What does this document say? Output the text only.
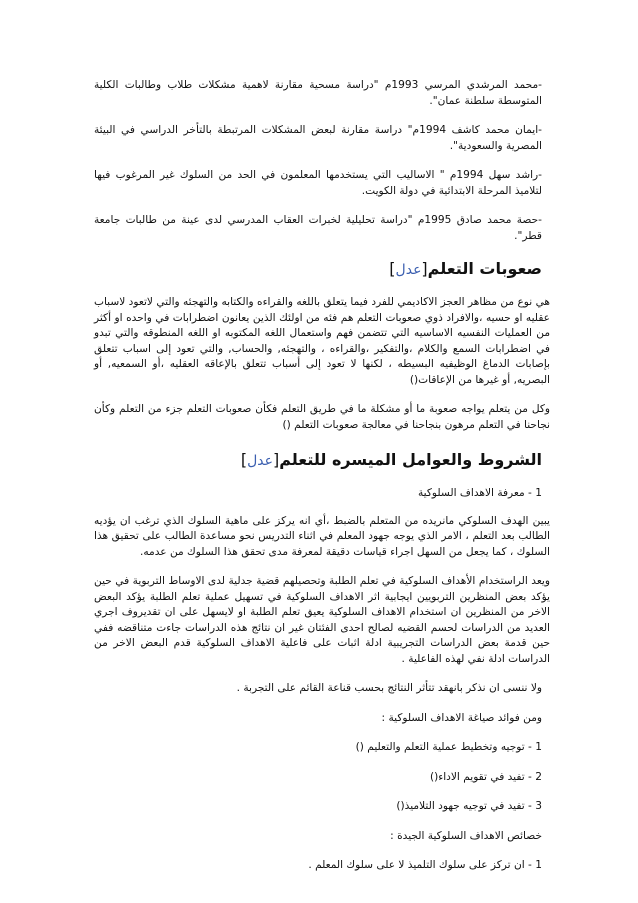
-محمد المرشدي المرسي 1993م "دراسة مسحية مقارنة لاهمية مشكلات طلاب وطالبات الكلية المتوسطة سلطنة عمان".

-ايمان محمد كاشف 1994م" دراسة مقارنة لبعض المشكلات المرتبطة بالتأخر الدراسي في البيئة المصرية والسعودية".

-راشد سهل 1994م " الاساليب التي يستخدمها المعلمون في الحد من السلوك غير المرغوب فيها لتلاميذ المرحلة الابتدائية في دولة الكويت.

-حصة محمد صادق 1995م "دراسة تحليلية لخبرات العقاب المدرسي لدى عينة من طالبات جامعة قطر".

صعوبات التعلم[عدل]

هي نوع من مظاهر العجز الاكاديمي للفرد فيما يتعلق باللغه والقراءه والكتابه والتهجئه والتي لاتعود لاسباب عقليه او حسيه ،والافراد ذوي صعوبات التعلم هم فئه من اولئك الذين يعانون اضطرابات في واحده او أكثر من العمليات النفسيه الاساسيه التي تتضمن فهم واستعمال اللغه المكتوبه او اللغه المنطوقه والتي تبدو في اضطرابات السمع والكلام ،والتفكير ،والقراءه ، والتهجئه, والحساب, والتي تعود إلى اسباب تتعلق بإصابات الدماغ الوظيفيه البسيطه ، لكنها لا تعود إلى أسباب تتعلق بالإعاقه العقليه ،أو السمعيه, أو البصريه, أو غيرها من الإعاقات()

وكل من يتعلم يواجه صعوبة ما أو مشكلة ما في طريق التعلم فكأن صعوبات التعلم جزء من التعلم وكأن نجاحنا في التعلم مرهون بنجاحنا في معالجة صعوبات التعلم ()

الشروط والعوامل الميسره للتعلم[عدل]

1 - معرفة الاهداف السلوكية

يبين الهدف السلوكي مانريده من المتعلم بالضبط ،أي انه يركز على ماهية السلوك الذي ترغب ان يؤديه الطالب بعد التعلم ، الامر الذي يوجه جهود المعلم في اثناء التدريس نحو مساعدة الطالب على تحقيق هذا السلوك ، كما يجعل من السهل اجراء قياسات دقيقة لمعرفة مدى تحقق هذا السلوك من عدمه.

ويعد الراستخدام الأهداف السلوكية في تعلم الطلبة وتحصيلهم قضية جدلية لدى الاوساط التربوية في حين يؤكد بعض المنظرين التربويين ايجابية اثر الاهداف السلوكية في تسهيل عملية تعلم الطلبة يؤكد البعض الاخر من المنظرين ان استخدام الاهداف السلوكية يعيق تعلم الطلبة او لايسهل على ان تقديروف اجري العديد من الدراسات لحسم القضيه لصالح احدى الفئتان غير ان نتائج هذه الدراسات جاءت متناقضه ففي حين قدمة بعض الدراسات التجريبية ادلة اثبات على فاعلية الاهداف السلوكية قدم البعض الاخر من الدراسات ادلة نفي لهذه الفاعلية .

ولا ننسى ان نذكر بانهقد تتأثر النتائج بحسب قناعة القائم على التجربة .

ومن فوائد صياغة الاهداف السلوكية :

1 - توجيه وتخطيط عملية التعلم والتعليم ()

2 - تفيد في تقويم الاداء()

3 - تفيد في توجيه جهود التلاميذ()

خصائص الاهداف السلوكية الجيدة :

1 - ان تركز على سلوك التلميذ لا على سلوك المعلم .
